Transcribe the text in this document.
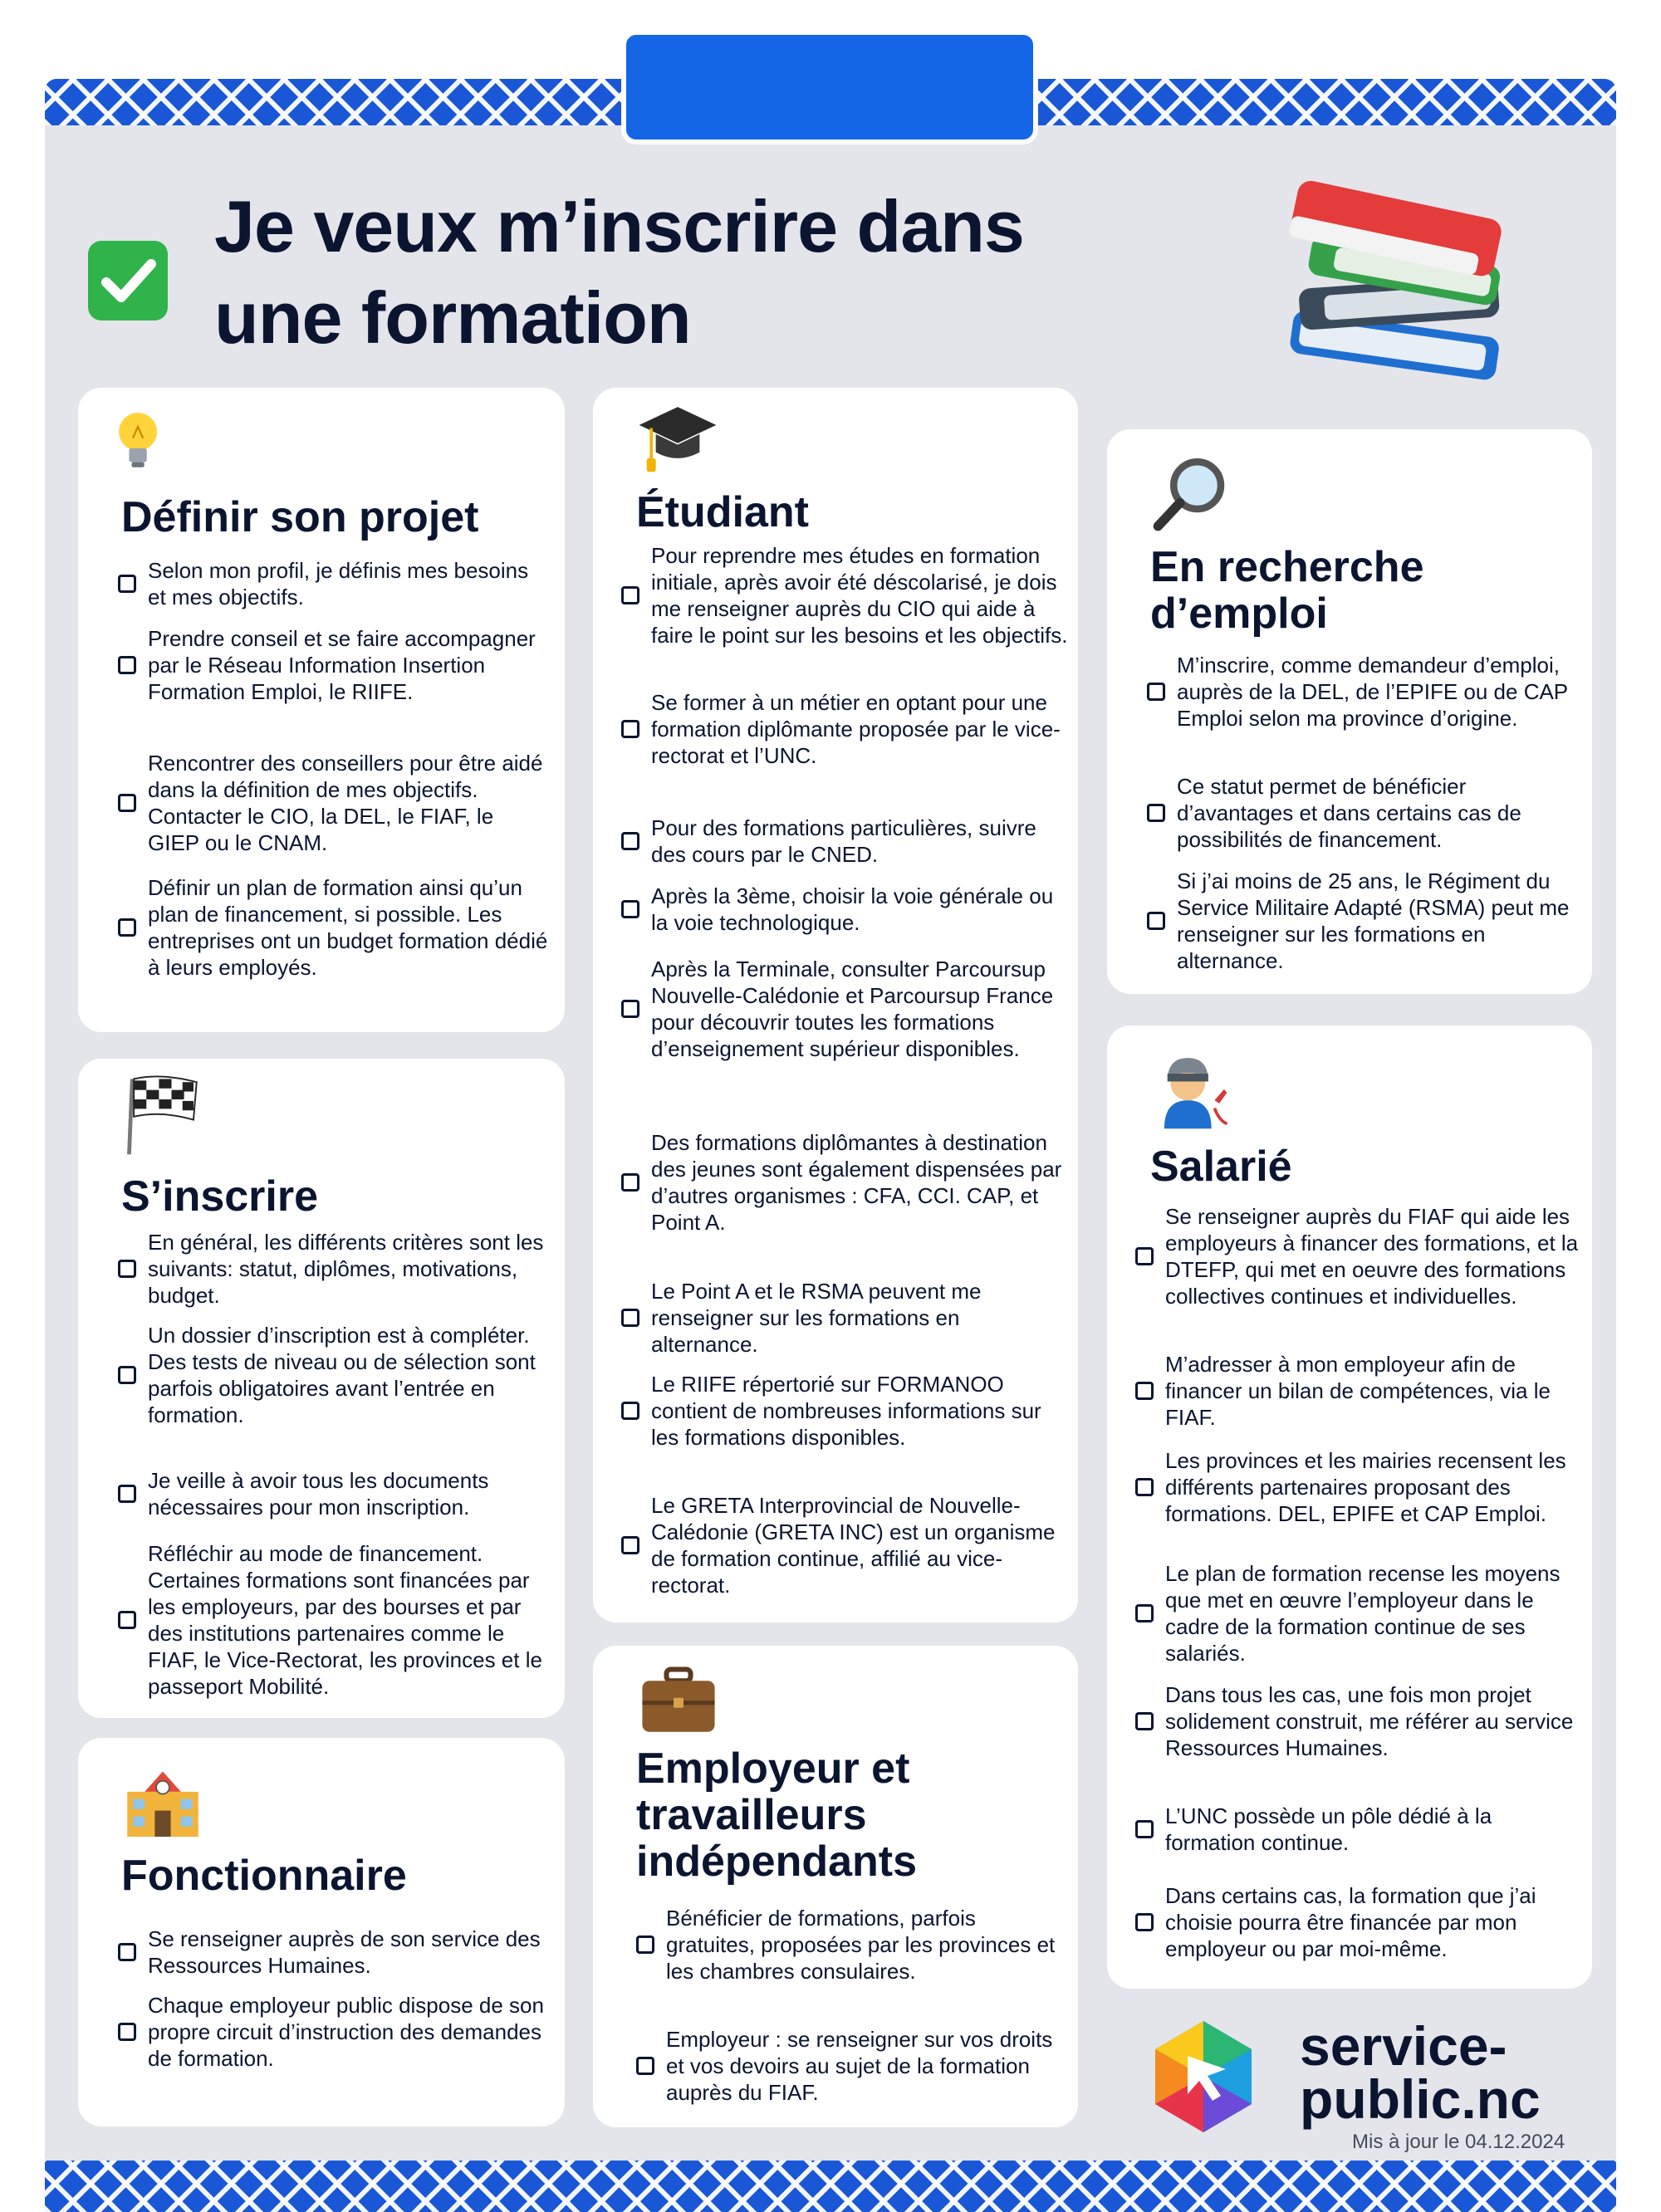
Je veux m’inscrire dans
une formation
Définir son projet
Selon mon profil, je définis mes besoins et mes objectifs.
Prendre conseil et se faire accompagner par le Réseau Information Insertion Formation Emploi, le RIIFE.
Rencontrer des conseillers pour être aidé dans la définition de mes objectifs. Contacter le CIO, la DEL, le FIAF, le GIEP ou le CNAM.
Définir un plan de formation ainsi qu’un plan de financement, si possible. Les entreprises ont un budget formation dédié à leurs employés.
S’inscrire
En général, les différents critères sont les suivants: statut, diplômes, motivations, budget.
Un dossier d’inscription est à compléter. Des tests de niveau ou de sélection sont parfois obligatoires avant l’entrée en formation.
Je veille à avoir tous les documents nécessaires pour mon inscription.
Réfléchir au mode de financement. Certaines formations sont financées par les employeurs, par des bourses et par des institutions partenaires comme le FIAF, le Vice-Rectorat, les provinces et le passeport Mobilité.
Fonctionnaire
Se renseigner auprès de son service des Ressources Humaines.
Chaque employeur public dispose de son propre circuit d’instruction des demandes de formation.
Étudiant
Pour reprendre mes études en formation initiale, après avoir été déscolarisé, je dois me renseigner auprès du CIO qui aide à faire le point sur les besoins et les objectifs.
Se former à un métier en optant pour une formation diplômante proposée par le vice-rectorat et l’UNC.
Pour des formations particulières, suivre des cours par le CNED.
Après la 3ème, choisir la voie générale ou la voie technologique.
Après la Terminale, consulter Parcoursup Nouvelle-Calédonie et Parcoursup France pour découvrir toutes les formations d’enseignement supérieur disponibles.
Des formations diplômantes à destination des jeunes sont également dispensées par d’autres organismes : CFA, CCI. CAP, et Point A.
Le Point A et le RSMA peuvent me renseigner sur les formations en alternance.
Le RIIFE répertorié sur FORMANOO contient de nombreuses informations sur les formations disponibles.
Le GRETA Interprovincial de Nouvelle-Calédonie (GRETA INC) est un organisme de formation continue, affilié au vice-rectorat.
Employeur et
travailleurs
indépendants
Bénéficier de formations, parfois gratuites, proposées par les provinces et les chambres consulaires.
Employeur : se renseigner sur vos droits et vos devoirs au sujet de la formation auprès du FIAF.
En recherche
d’emploi
M’inscrire, comme demandeur d’emploi, auprès de la DEL, de l’EPIFE ou de CAP Emploi selon ma province d’origine.
Ce statut permet de bénéficier d’avantages et dans certains cas de possibilités de financement.
Si j’ai moins de 25 ans, le Régiment du Service Militaire Adapté (RSMA) peut me renseigner sur les formations en alternance.
Salarié
Se renseigner auprès du FIAF qui aide les employeurs à financer des formations, et la DTEFP, qui met en oeuvre des formations collectives continues et individuelles.
M’adresser à mon employeur afin de financer un bilan de compétences, via le FIAF.
Les provinces et les mairies recensent les différents partenaires proposant des formations. DEL, EPIFE et CAP Emploi.
Le plan de formation recense les moyens que met en œuvre l’employeur dans le cadre de la formation continue de ses salariés.
Dans tous les cas, une fois mon projet solidement construit, me référer au service Ressources Humaines.
L’UNC possède un pôle dédié à la formation continue.
Dans certains cas, la formation que j’ai choisie pourra être financée par mon employeur ou par moi-même.
service-
public.nc
Mis à jour le 04.12.2024
